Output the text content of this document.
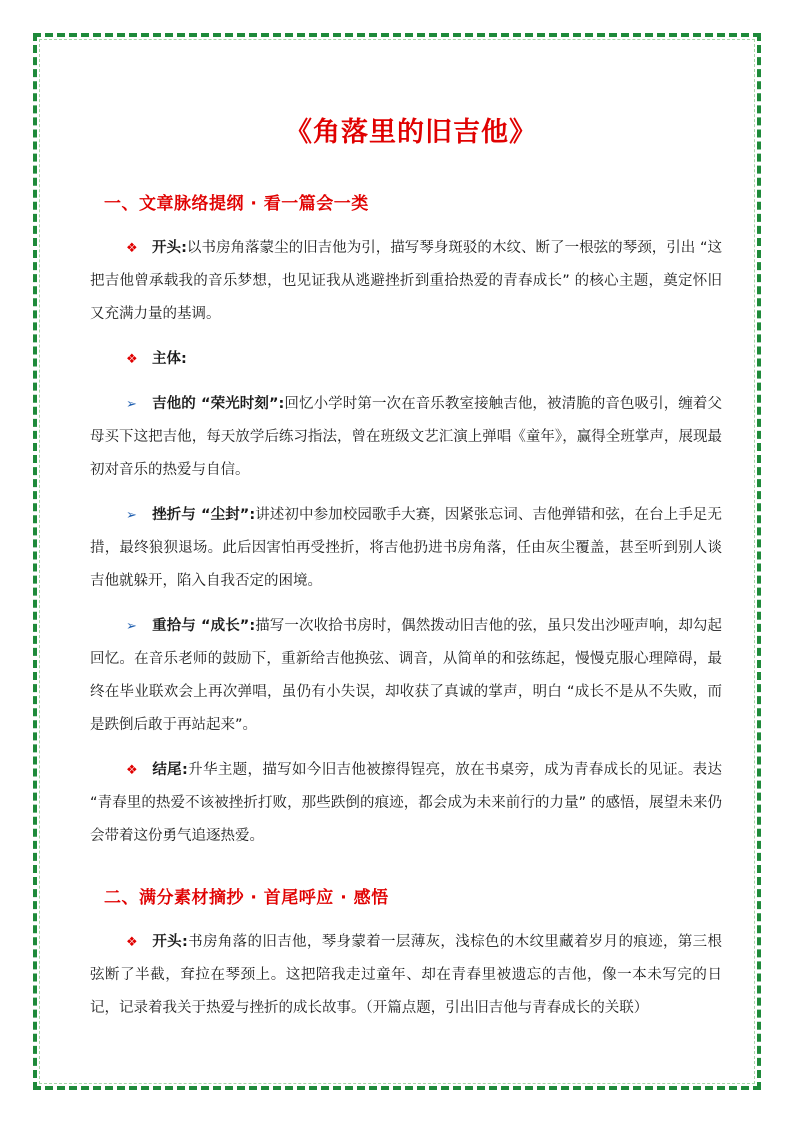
《角落里的旧吉他》
一、文章脉络提纲 · 看一篇会一类

❖ 开头:以书房角落蒙尘的旧吉他为引，描写琴身斑驳的木纹、断了一根弦的琴颈，引出 “这把吉他曾承载我的音乐梦想，也见证我从逃避挫折到重拾热爱的青春成长” 的核心主题，奠定怀旧又充满力量的基调。

❖ 主体:

➢ 吉他的 “荣光时刻”:回忆小学时第一次在音乐教室接触吉他，被清脆的音色吸引，缠着父母买下这把吉他，每天放学后练习指法，曾在班级文艺汇演上弹唱《童年》，赢得全班掌声，展现最初对音乐的热爱与自信。

➢ 挫折与 “尘封”:讲述初中参加校园歌手大赛，因紧张忘词、吉他弹错和弦，在台上手足无措，最终狼狈退场。此后因害怕再受挫折，将吉他扔进书房角落，任由灰尘覆盖，甚至听到别人谈吉他就躲开，陷入自我否定的困境。

➢ 重拾与 “成长”:描写一次收拾书房时，偶然拨动旧吉他的弦，虽只发出沙哑声响，却勾起回忆。在音乐老师的鼓励下，重新给吉他换弦、调音，从简单的和弦练起，慢慢克服心理障碍，最终在毕业联欢会上再次弹唱，虽仍有小失误，却收获了真诚的掌声，明白 “成长不是从不失败，而是跌倒后敢于再站起来”。

❖ 结尾:升华主题，描写如今旧吉他被擦得锃亮，放在书桌旁，成为青春成长的见证。表达 “青春里的热爱不该被挫折打败，那些跌倒的痕迹，都会成为未来前行的力量” 的感悟，展望未来仍会带着这份勇气追逐热爱。

二、满分素材摘抄 · 首尾呼应 · 感悟

❖ 开头:书房角落的旧吉他，琴身蒙着一层薄灰，浅棕色的木纹里藏着岁月的痕迹，第三根弦断了半截，耷拉在琴颈上。这把陪我走过童年、却在青春里被遗忘的吉他，像一本未写完的日记，记录着我关于热爱与挫折的成长故事。（开篇点题，引出旧吉他与青春成长的关联）
